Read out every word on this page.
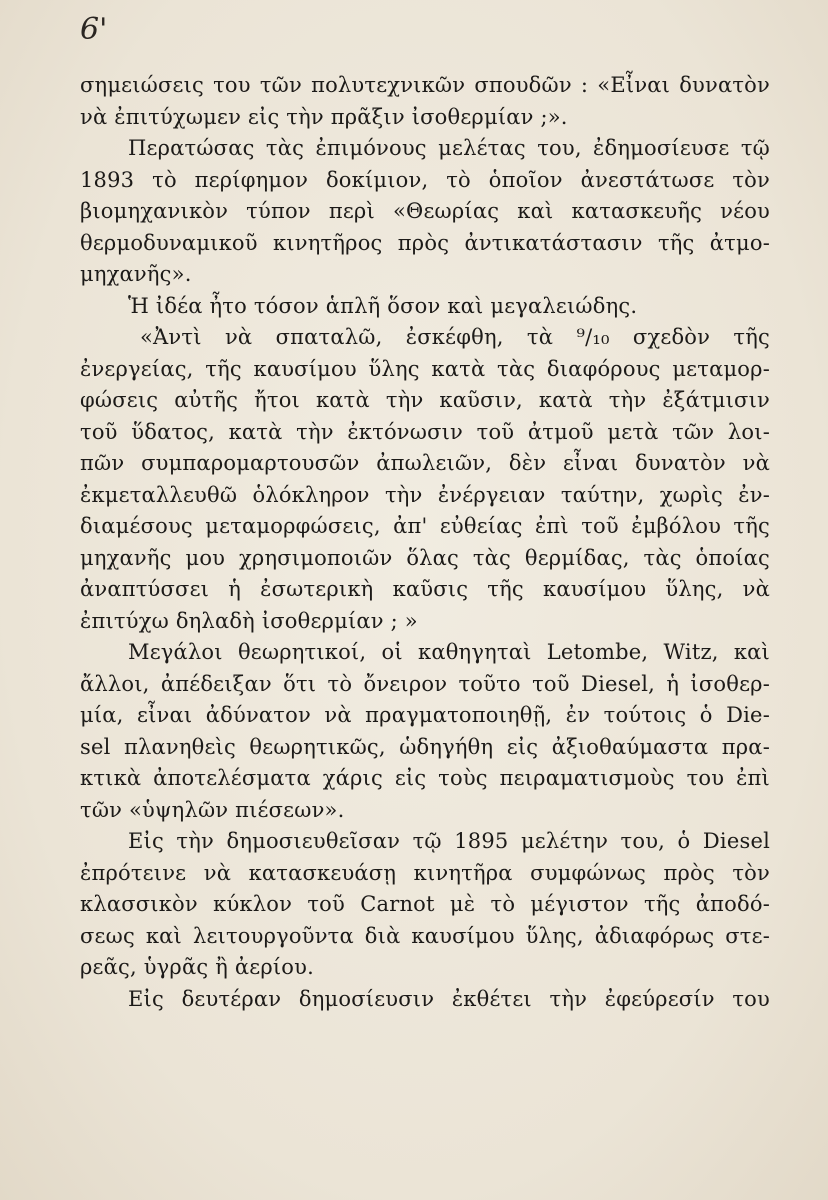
6'
σημειώσεις του τῶν πολυτεχνικῶν σπουδῶν : «Εἶναι δυνατὸν
νὰ ἐπιτύχωμεν εἰς τὴν πρᾶξιν ἰσοθερμίαν ;».
Περατώσας τὰς ἐπιμόνους μελέτας του, ἐδημοσίευσε τῷ
1893 τὸ περίφημον δοκίμιον, τὸ ὁποῖον ἀνεστάτωσε τὸν
βιομηχανικὸν τύπον περὶ «Θεωρίας καὶ κατασκευῆς νέου
θερμοδυναμικοῦ κινητῆρος πρὸς ἀντικατάστασιν τῆς ἀτμο-
μηχανῆς».
Ἡ ἰδέα ἦτο τόσον ἁπλῆ ὅσον καὶ μεγαλειώδης.
«Ἀντὶ νὰ σπαταλῶ, ἐσκέφθη, τὰ ⁹/₁₀ σχεδὸν τῆς
ἐνεργείας, τῆς καυσίμου ὕλης κατὰ τὰς διαφόρους μεταμορ-
φώσεις αὐτῆς ἤτοι κατὰ τὴν καῦσιν, κατὰ τὴν ἐξάτμισιν
τοῦ ὕδατος, κατὰ τὴν ἐκτόνωσιν τοῦ ἀτμοῦ μετὰ τῶν λοι-
πῶν συμπαρομαρτουσῶν ἀπωλειῶν, δὲν εἶναι δυνατὸν νὰ
ἐκμεταλλευθῶ ὁλόκληρον τὴν ἐνέργειαν ταύτην, χωρὶς ἐν-
διαμέσους μεταμορφώσεις, ἀπ' εὐθείας ἐπὶ τοῦ ἐμβόλου τῆς
μηχανῆς μου χρησιμοποιῶν ὅλας τὰς θερμίδας, τὰς ὁποίας
ἀναπτύσσει ἡ ἐσωτερικὴ καῦσις τῆς καυσίμου ὕλης, νὰ
ἐπιτύχω δηλαδὴ ἰσοθερμίαν ; »
Μεγάλοι θεωρητικοί, οἱ καθηγηταὶ Letombe, Witz, καὶ
ἄλλοι, ἀπέδειξαν ὅτι τὸ ὄνειρον τοῦτο τοῦ Diesel, ἡ ἰσοθερ-
μία, εἶναι ἀδύνατον νὰ πραγματοποιηθῇ, ἐν τούτοις ὁ Die-
sel πλανηθεὶς θεωρητικῶς, ὡδηγήθη εἰς ἀξιοθαύμαστα πρα-
κτικὰ ἀποτελέσματα χάρις εἰς τοὺς πειραματισμοὺς του ἐπὶ
τῶν «ὑψηλῶν πιέσεων».
Εἰς τὴν δημοσιευθεῖσαν τῷ 1895 μελέτην του, ὁ Diesel
ἐπρότεινε νὰ κατασκευάσῃ κινητῆρα συμφώνως πρὸς τὸν
κλασσικὸν κύκλον τοῦ Carnot μὲ τὸ μέγιστον τῆς ἀποδό-
σεως καὶ λειτουργοῦντα διὰ καυσίμου ὕλης, ἀδιαφόρως στε-
ρεᾶς, ὑγρᾶς ἢ ἀερίου.
Εἰς δευτέραν δημοσίευσιν ἐκθέτει τὴν ἐφεύρεσίν του
